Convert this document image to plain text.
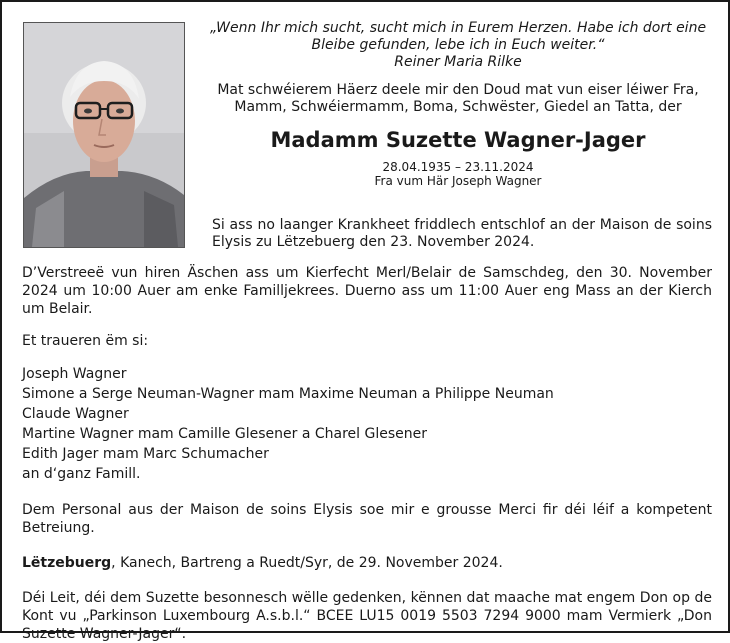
„Wenn Ihr mich sucht, sucht mich in Eurem Herzen. Habe ich dort eine
Bleibe gefunden, lebe ich in Euch weiter.“
Reiner Maria Rilke
Mat schwéierem Häerz deele mir den Doud mat vun eiser léiwer Fra,
Mamm, Schwéiermamm, Boma, Schwëster, Giedel an Tatta, der
Madamm Suzette Wagner-Jager
28.04.1935 – 23.11.2024
Fra vum Här Joseph Wagner

Si ass no laanger Krankheet friddlech entschlof an der Maison de soins Elysis zu Lëtzebuerg den 23. November 2024.

D’Verstreeë vun hiren Äschen ass um Kierfecht Merl/Belair de Samschdeg, den 30. November 2024 um 10:00 Auer am enke Familljekrees. Duerno ass um 11:00 Auer eng Mass an der Kierch um Belair.

Et traueren ëm si:

Joseph Wagner
Simone a Serge Neuman-Wagner mam Maxime Neuman a Philippe Neuman
Claude Wagner
Martine Wagner mam Camille Glesener a Charel Glesener
Edith Jager mam Marc Schumacher
an d‘ganz Famill.

Dem Personal aus der Maison de soins Elysis soe mir e grousse Merci fir déi léif a kompetent Betreiung.

Lëtzebuerg, Kanech, Bartreng a Ruedt/Syr, de 29. November 2024.

Déi Leit, déi dem Suzette besonnesch wëlle gedenken, kënnen dat maache mat engem Don op de Kont vu „Parkinson Luxembourg A.s.b.l.“ BCEE LU15 0019 5503 7294 9000 mam Vermierk „Don Suzette Wagner-Jager“.
